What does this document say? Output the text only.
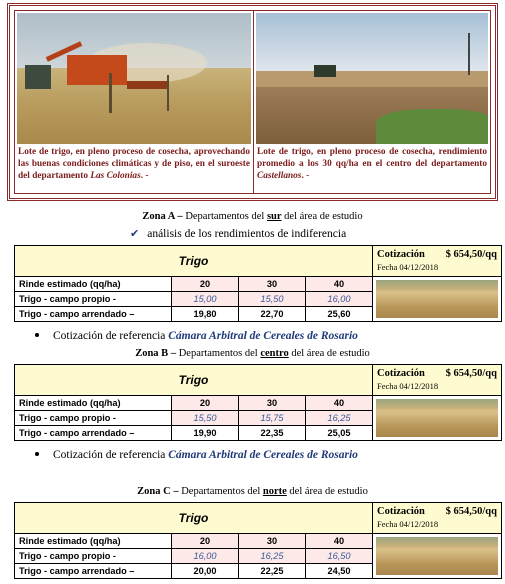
Lote de trigo, en pleno proceso de cosecha, aprovechando las buenas condiciones climáticas y de piso, en el suroeste del departamento Las Colonias. -
Lote de trigo, en pleno proceso de cosecha, rendimiento promedio a los 30 qq/ha en el centro del departamento Castellanos. -
Zona A – Departamentos del sur del área de estudio
✔ análisis de los rendimientos de indiferencia
Trigo				$ 654,50/qq
Cotización
Fecha 04/12/2018

Rinde estimado (qq/ha)	20	30	40	

Trigo - campo propio -	15,00	15,50	16,00	
Trigo - campo arrendado –	19,80	22,70	25,60	
Cotización de referencia Cámara Arbitral de Cereales de Rosario
Zona B – Departamentos del centro del área de estudio
Trigo				$ 654,50/qq
Cotización
Fecha 04/12/2018

Rinde estimado (qq/ha)	20	30	40	

Trigo - campo propio -	15,50	15,75	16,25	
Trigo - campo arrendado –	19,90	22,35	25,05	
Cotización de referencia Cámara Arbitral de Cereales de Rosario
Zona C – Departamentos del norte del área de estudio
Trigo				$ 654,50/qq
Cotización
Fecha 04/12/2018

Rinde estimado (qq/ha)	20	30	40	

Trigo - campo propio -	16,00	16,25	16,50	
Trigo - campo arrendado –	20,00	22,25	24,50	
